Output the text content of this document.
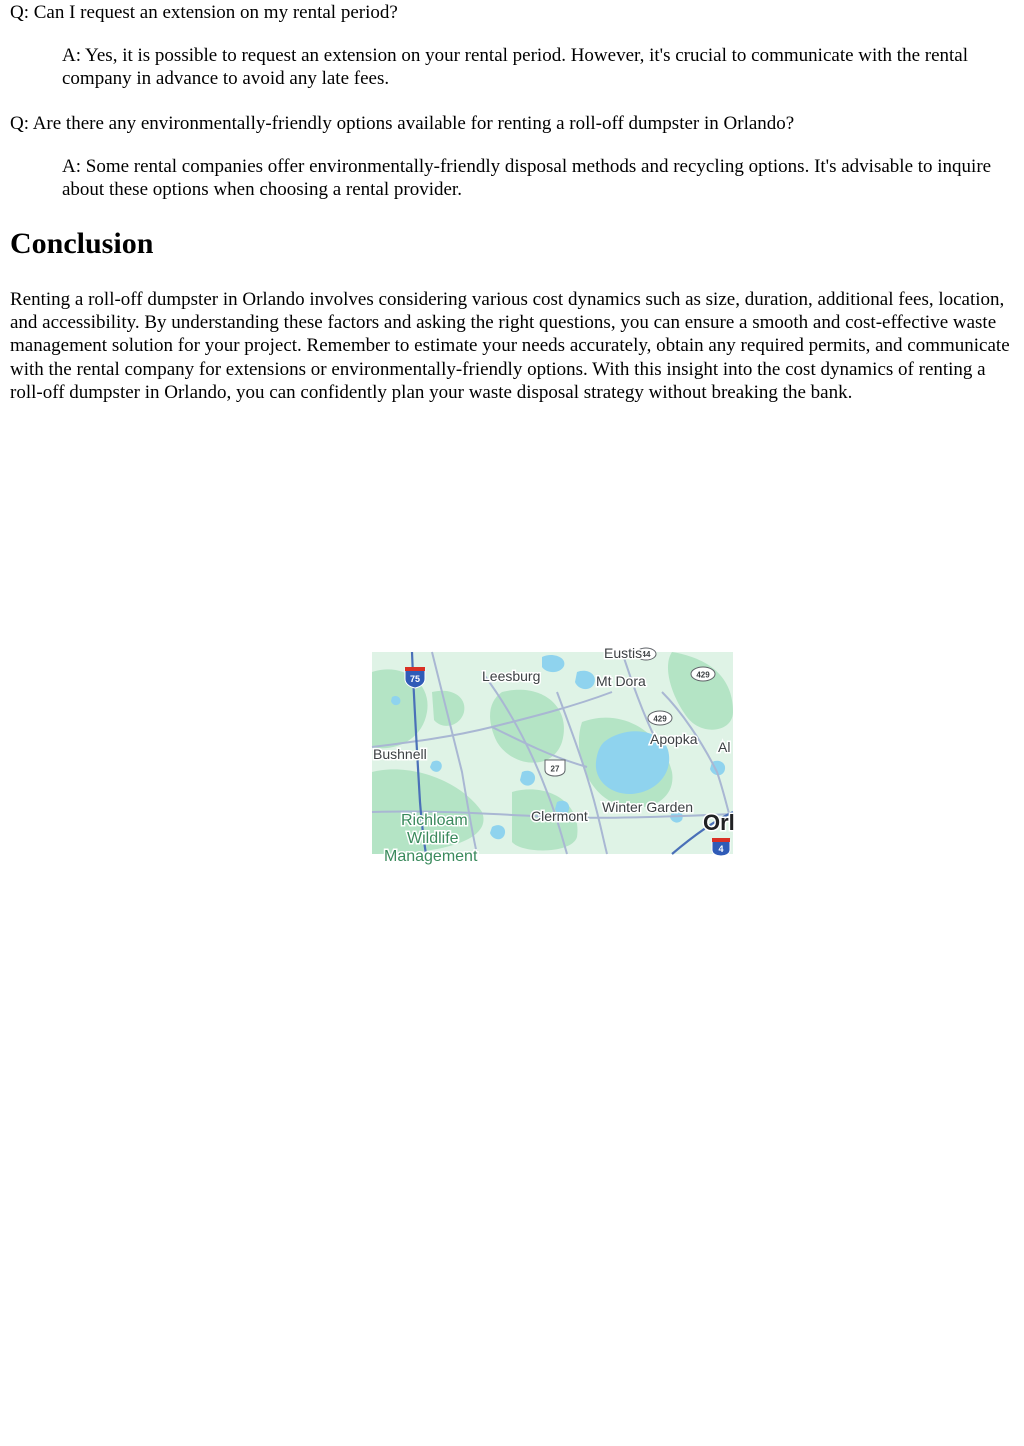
Q: Can I request an extension on my rental period?

A: Yes, it is possible to request an extension on your rental period. However, it's crucial to communicate with the rental company in advance to avoid any late fees.

Q: Are there any environmentally-friendly options available for renting a roll-off dumpster in Orlando?

A: Some rental companies offer environmentally-friendly disposal methods and recycling options. It's advisable to inquire about these options when choosing a rental provider.

Conclusion

Renting a roll-off dumpster in Orlando involves considering various cost dynamics such as size, duration, additional fees, location, and accessibility. By understanding these factors and asking the right questions, you can ensure a smooth and cost-effective waste management solution for your project. Remember to estimate your needs accurately, obtain any required permits, and communicate with the rental company for extensions or environmentally-friendly options. With this insight into the cost dynamics of renting a roll-off dumpster in Orlando, you can confidently plan your waste disposal strategy without breaking the bank.

75
44
429
429
27
4
Eustis
Leesburg	Mt Dora
Apopka Al
Bushnell
Clermont
Winter Garden
Orl
Richloam
Wildlife
Management
